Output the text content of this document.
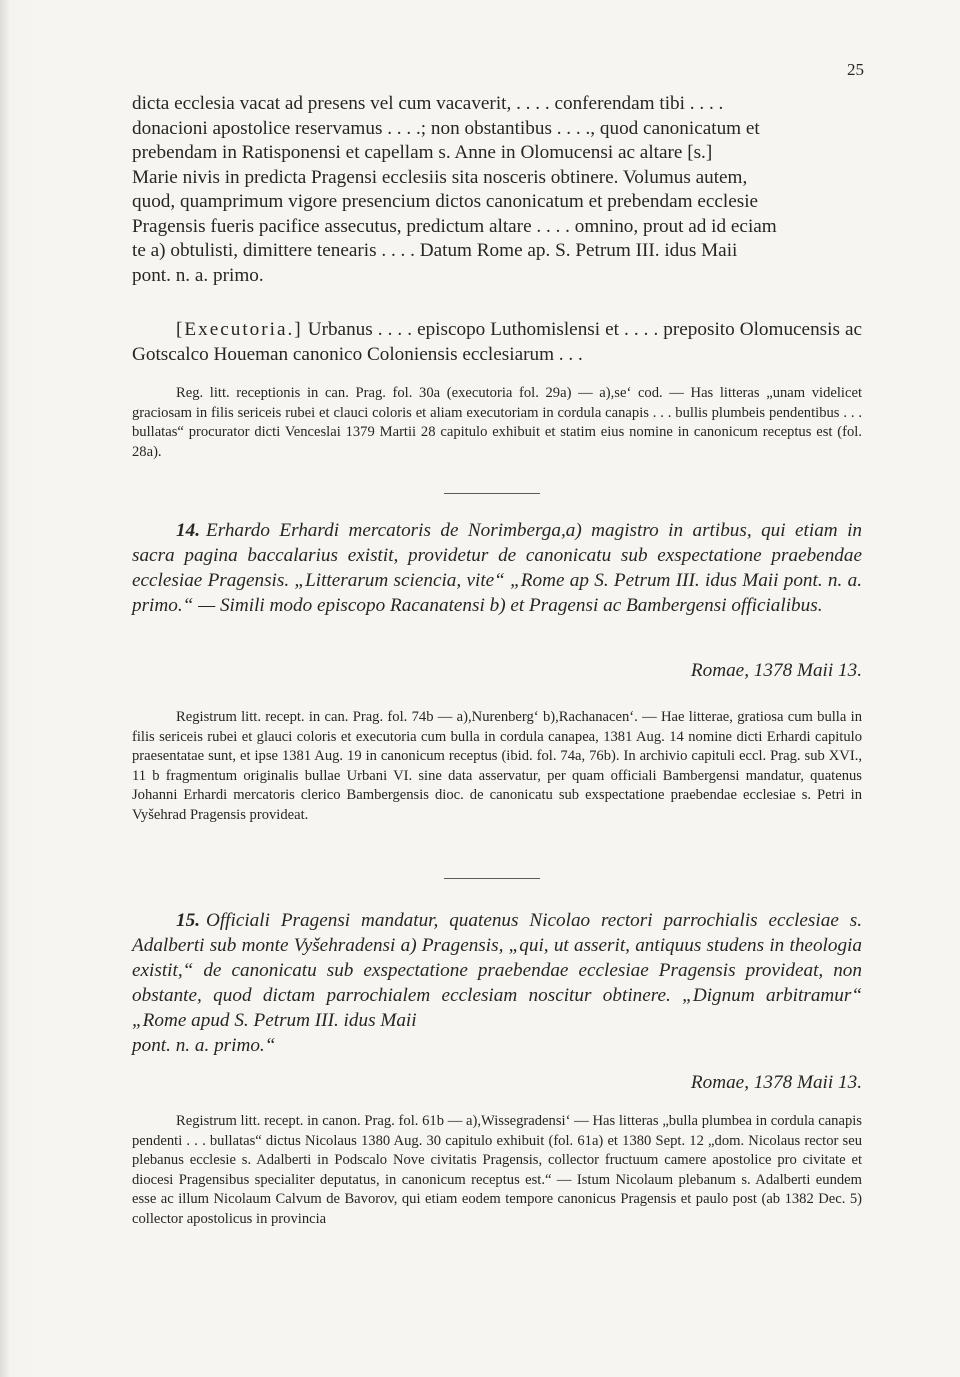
25

dicta ecclesia vacat ad presens vel cum vacaverit, . . . . conferendam tibi . . . .

donacioni apostolice reservamus . . . .; non obstantibus . . . ., quod canonicatum et

prebendam in Ratisponensi et capellam s. Anne in Olomucensi ac altare [s.]

Marie nivis in predicta Pragensi ecclesiis sita nosceris obtinere. Volumus autem,

quod, quamprimum vigore presencium dictos canonicatum et prebendam ecclesie

Pragensis fueris pacifice assecutus, predictum altare . . . . omnino, prout ad id eciam

te a) obtulisti, dimittere tenearis . . . . Datum Rome ap. S. Petrum III. idus Maii

pont. n. a. primo.

[Executoria.] Urbanus . . . . episcopo Luthomislensi et . . . . preposito Olomucensis ac Gotscalco Houeman canonico Coloniensis ecclesiarum . . .

Reg. litt. receptionis in can. Prag. fol. 30a (executoria fol. 29a) — a),se‘ cod. — Has litteras „unam videlicet graciosam in filis sericeis rubei et clauci coloris et aliam executoriam in cordula canapis . . . bullis plumbeis pendentibus . . . bullatas“ procurator dicti Venceslai 1379 Martii 28 capitulo exhibuit et statim eius nomine in canonicum receptus est (fol. 28a).

14. Erhardo Erhardi mercatoris de Norimberga,a) magistro in artibus, qui etiam in sacra pagina baccalarius existit, providetur de canonicatu sub exspectatione praebendae ecclesiae Pragensis. „Litterarum sciencia, vite“ „Rome ap S. Petrum III. idus Maii pont. n. a. primo.“ — Simili modo episcopo Racanatensi b) et Pragensi ac Bambergensi officialibus.

Romae, 1378 Maii 13.

Registrum litt. recept. in can. Prag. fol. 74b — a),Nurenberg‘ b),Rachanacen‘. — Hae litterae, gratiosa cum bulla in filis sericeis rubei et glauci coloris et executoria cum bulla in cordula canapea, 1381 Aug. 14 nomine dicti Erhardi capitulo praesentatae sunt, et ipse 1381 Aug. 19 in canonicum receptus (ibid. fol. 74a, 76b). In archivio capituli eccl. Prag. sub XVI., 11 b fragmentum originalis bullae Urbani VI. sine data asservatur, per quam officiali Bambergensi mandatur, quatenus Johanni Erhardi mercatoris clerico Bambergensis dioc. de canonicatu sub exspectatione praebendae ecclesiae s. Petri in Vyšehrad Pragensis provideat.

15. Officiali Pragensi mandatur, quatenus Nicolao rectori parrochialis ecclesiae s. Adalberti sub monte Vyšehradensi a) Pragensis, „qui, ut asserit, antiquus studens in theologia existit,“ de canonicatu sub exspectatione praebendae ecclesiae Pragensis provideat, non obstante, quod dictam parrochialem ecclesiam noscitur obtinere. „Dignum arbitramur“ „Rome apud S. Petrum III. idus Maii

pont. n. a. primo.“

Romae, 1378 Maii 13.

Registrum litt. recept. in canon. Prag. fol. 61b — a),Wissegradensi‘ — Has litteras „bulla plumbea in cordula canapis pendenti . . . bullatas“ dictus Nicolaus 1380 Aug. 30 capitulo exhibuit (fol. 61a) et 1380 Sept. 12 „dom. Nicolaus rector seu plebanus ecclesie s. Adalberti in Podscalo Nove civitatis Pragensis, collector fructuum camere apostolice pro civitate et diocesi Pragensibus specialiter deputatus, in canonicum receptus est.“ — Istum Nicolaum plebanum s. Adalberti eundem esse ac illum Nicolaum Calvum de Bavorov, qui etiam eodem tempore canonicus Pragensis et paulo post (ab 1382 Dec. 5) collector apostolicus in provincia
